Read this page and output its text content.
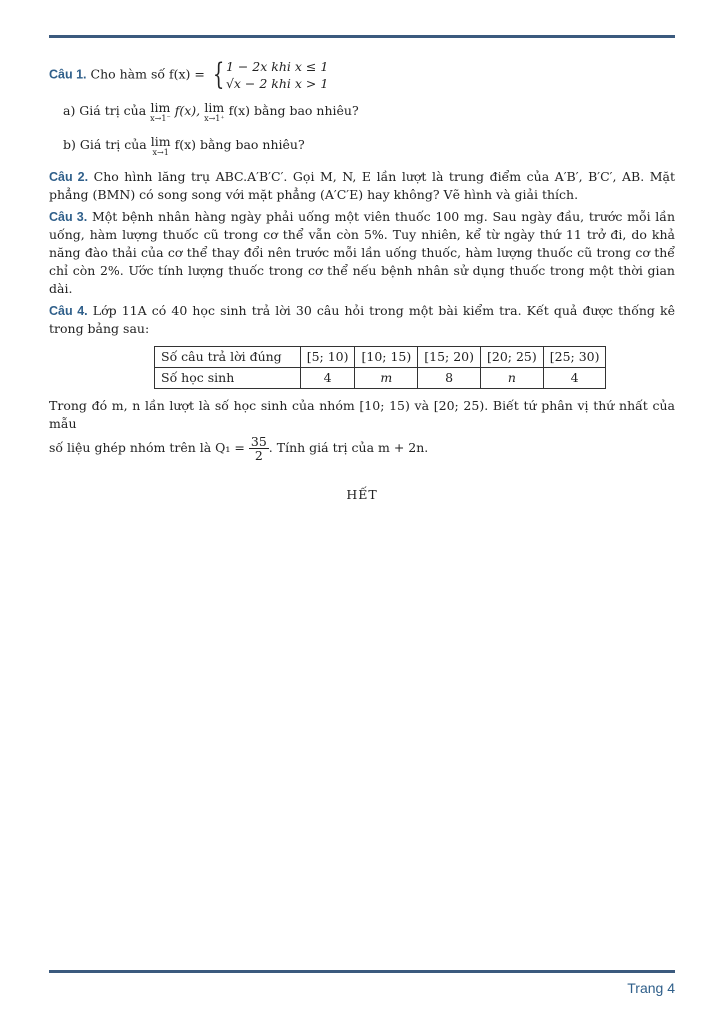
Câu 1. Cho hàm số f(x) = { 1 − 2x khi x ≤ 1
√x − 2 khi x > 1

a) Giá trị của lim
x→1⁻
f(x), lim
x→1⁺
f(x) bằng bao nhiêu?

b) Giá trị của lim
x→1
f(x) bằng bao nhiêu?

Câu 2. Cho hình lăng trụ ABC.A′B′C′. Gọi M, N, E lần lượt là trung điểm của A′B′, B′C′, AB. Mặt phẳng (BMN) có song song với mặt phẳng (A′C′E) hay không? Vẽ hình và giải thích.

Câu 3. Một bệnh nhân hàng ngày phải uống một viên thuốc 100 mg. Sau ngày đầu, trước mỗi lần uống, hàm lượng thuốc cũ trong cơ thể vẫn còn 5%. Tuy nhiên, kể từ ngày thứ 11 trở đi, do khả năng đào thải của cơ thể thay đổi nên trước mỗi lần uống thuốc, hàm lượng thuốc cũ trong cơ thể chỉ còn 2%. Ước tính lượng thuốc trong cơ thể nếu bệnh nhân sử dụng thuốc trong một thời gian dài.

Câu 4. Lớp 11A có 40 học sinh trả lời 30 câu hỏi trong một bài kiểm tra. Kết quả được thống kê trong bảng sau:

Số câu trả lời đúng	[5; 10)	[10; 15)	[15; 20)	[20; 25)	[25; 30)
Số học sinh	4	m	8	n	4

Trong đó m, n lần lượt là số học sinh của nhóm [10; 15) và [20; 25). Biết tứ phân vị thứ nhất của mẫu

số liệu ghép nhóm trên là $Q_1 = \frac{35}{2}$ . Tính giá trị của m + 2n.

HẾT

Trang 4
